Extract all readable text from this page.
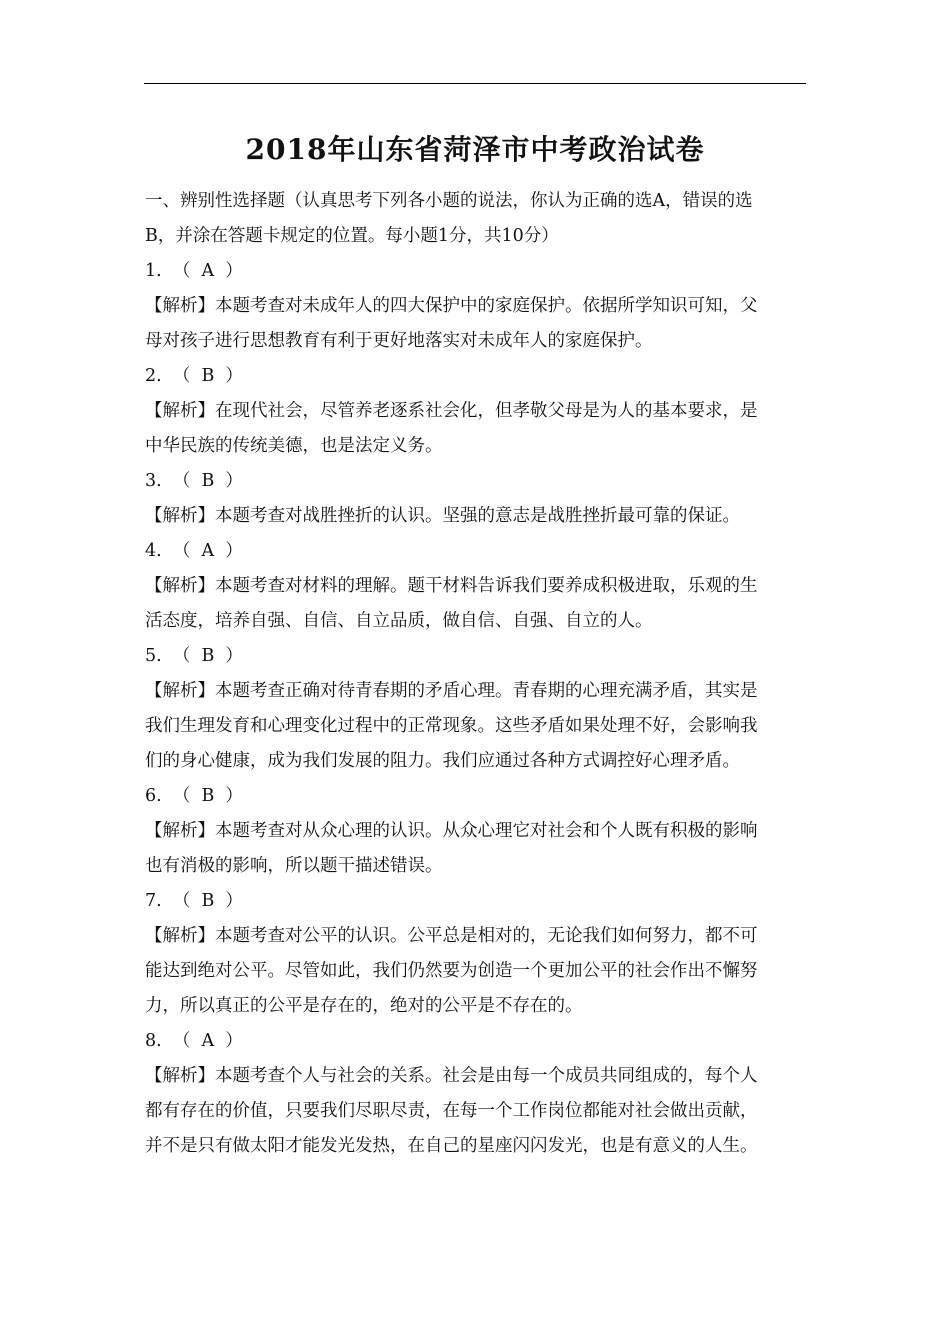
2018年山东省菏泽市中考政治试卷
一、辨别性选择题（认真思考下列各小题的说法，你认为正确的选A，错误的选
B，并涂在答题卡规定的位置。每小题1分，共10分）
1.  （  A  ）
【解析】本题考查对未成年人的四大保护中的家庭保护。依据所学知识可知，父
母对孩子进行思想教育有利于更好地落实对未成年人的家庭保护。
2.  （  B  ）
【解析】在现代社会，尽管养老逐系社会化，但孝敬父母是为人的基本要求，是
中华民族的传统美德，也是法定义务。
3.  （  B  ）
【解析】本题考查对战胜挫折的认识。坚强的意志是战胜挫折最可靠的保证。
4.  （  A  ）
【解析】本题考查对材料的理解。题干材料告诉我们要养成积极进取，乐观的生
活态度，培养自强、自信、自立品质，做自信、自强、自立的人。
5.  （  B  ）
【解析】本题考查正确对待青春期的矛盾心理。青春期的心理充满矛盾，其实是
我们生理发育和心理变化过程中的正常现象。这些矛盾如果处理不好，会影响我
们的身心健康，成为我们发展的阻力。我们应通过各种方式调控好心理矛盾。
6.  （  B  ）
【解析】本题考查对从众心理的认识。从众心理它对社会和个人既有积极的影响
也有消极的影响，所以题干描述错误。
7.  （  B  ）
【解析】本题考查对公平的认识。公平总是相对的，无论我们如何努力，都不可
能达到绝对公平。尽管如此，我们仍然要为创造一个更加公平的社会作出不懈努
力，所以真正的公平是存在的，绝对的公平是不存在的。
8.  （  A  ）
【解析】本题考查个人与社会的关系。社会是由每一个成员共同组成的，每个人
都有存在的价值，只要我们尽职尽责，在每一个工作岗位都能对社会做出贡献，
并不是只有做太阳才能发光发热，在自己的星座闪闪发光，也是有意义的人生。
